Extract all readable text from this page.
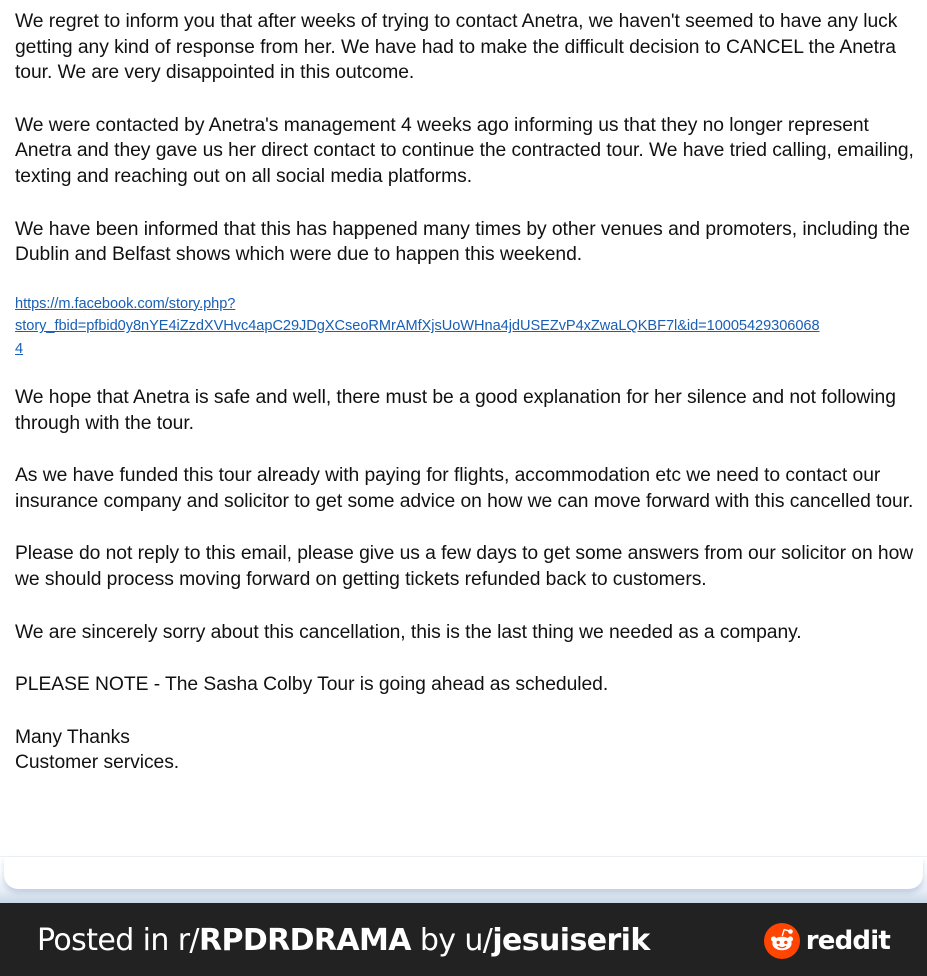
We regret to inform you that after weeks of trying to contact Anetra, we haven't seemed to have any luck getting any kind of response from her. We have had to make the difficult decision to CANCEL the Anetra tour. We are very disappointed in this outcome.

We were contacted by Anetra's management 4 weeks ago informing us that they no longer represent Anetra and they gave us her direct contact to continue the contracted tour. We have tried calling, emailing, texting and reaching out on all social media platforms.

We have been informed that this has happened many times by other venues and promoters, including the Dublin and Belfast shows which were due to happen this weekend.

https://m.facebook.com/story.php?
story_fbid=pfbid0y8nYE4iZzdXVHvc4apC29JDgXCseoRMrAMfXjsUoWHna4jdUSEZvP4xZwaLQKBF7l&id=10005429306068
4

We hope that Anetra is safe and well, there must be a good explanation for her silence and not following through with the tour.

As we have funded this tour already with paying for flights, accommodation etc we need to contact our insurance company and solicitor to get some advice on how we can move forward with this cancelled tour.

Please do not reply to this email, please give us a few days to get some answers from our solicitor on how we should process moving forward on getting tickets refunded back to customers.

We are sincerely sorry about this cancellation, this is the last thing we needed as a company.

PLEASE NOTE - The Sasha Colby Tour is going ahead as scheduled.

Many Thanks
Customer services.

Posted in r/RPDRDRAMA by u/jesuiserik	reddit
